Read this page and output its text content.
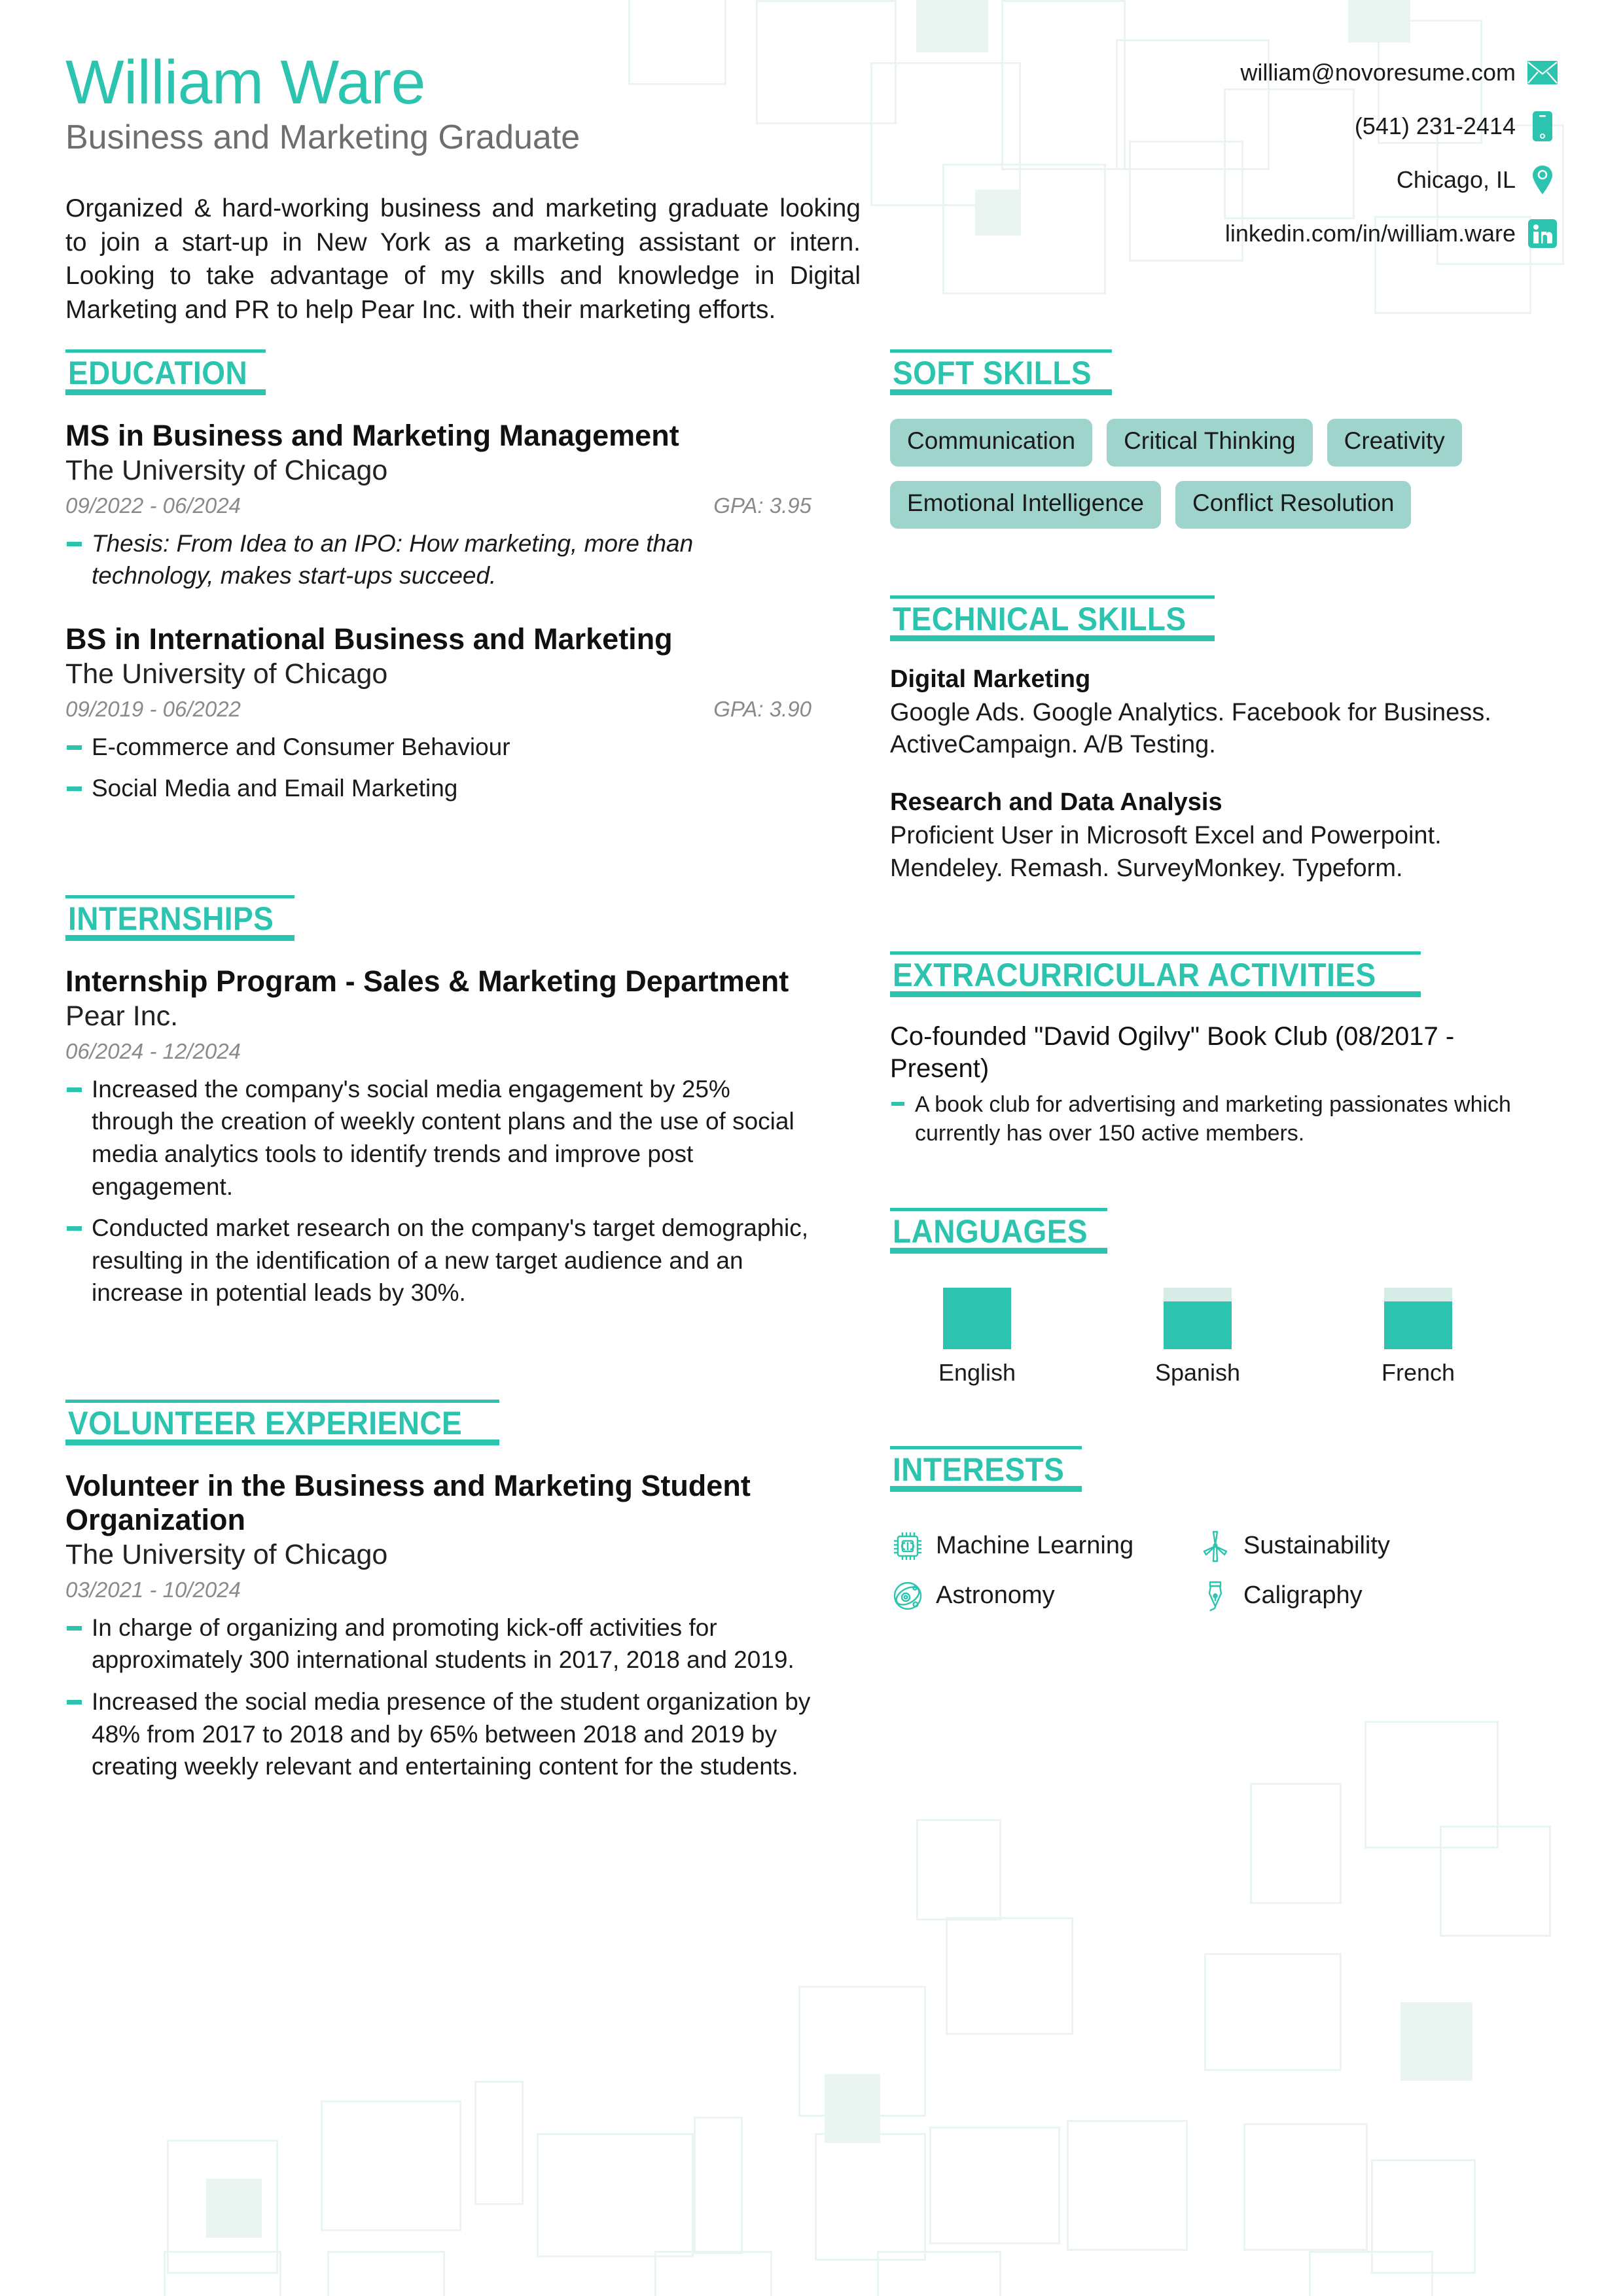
William Ware
Business and Marketing Graduate

Organized & hard-working business and marketing graduate looking to join a start-up in New York as a marketing assistant or intern. Looking to take advantage of my skills and knowledge in Digital Marketing and PR to help Pear Inc. with their marketing efforts.

william@novoresume.com
(541) 231-2414
Chicago, IL
linkedin.com/in/william.ware
EDUCATION
MS in Business and Marketing Management
The University of Chicago
09/2022 - 06/2024	GPA: 3.95
Thesis: From Idea to an IPO: How marketing, more than technology, makes start-ups succeed.
BS in International Business and Marketing
The University of Chicago
09/2019 - 06/2022	GPA: 3.90
E-commerce and Consumer Behaviour
Social Media and Email Marketing
INTERNSHIPS
Internship Program - Sales & Marketing Department
Pear Inc.
06/2024 - 12/2024
Increased the company's social media engagement by 25% through the creation of weekly content plans and the use of social media analytics tools to identify trends and improve post engagement.
Conducted market research on the company's target demographic, resulting in the identification of a new target audience and an increase in potential leads by 30%.
VOLUNTEER EXPERIENCE
Volunteer in the Business and Marketing Student Organization
The University of Chicago
03/2021 - 10/2024
In charge of organizing and promoting kick-off activities for approximately 300 international students in 2017, 2018 and 2019.
Increased the social media presence of the student organization by 48% from 2017 to 2018 and by 65% between 2018 and 2019 by creating weekly relevant and entertaining content for the students.
SOFT SKILLS
Communication	Critical Thinking	Creativity
Emotional Intelligence	Conflict Resolution
TECHNICAL SKILLS
Digital Marketing

Google Ads. Google Analytics. Facebook for Business. ActiveCampaign. A/B Testing.

Research and Data Analysis

Proficient User in Microsoft Excel and Powerpoint. Mendeley. Remash. SurveyMonkey. Typeform.

EXTRACURRICULAR ACTIVITIES
Co-founded "David Ogilvy" Book Club (08/2017 - Present)
A book club for advertising and marketing passionates which currently has over 150 active members.
LANGUAGES
English	Spanish	French
INTERESTS
Machine Learning	Sustainability
Astronomy	Caligraphy
